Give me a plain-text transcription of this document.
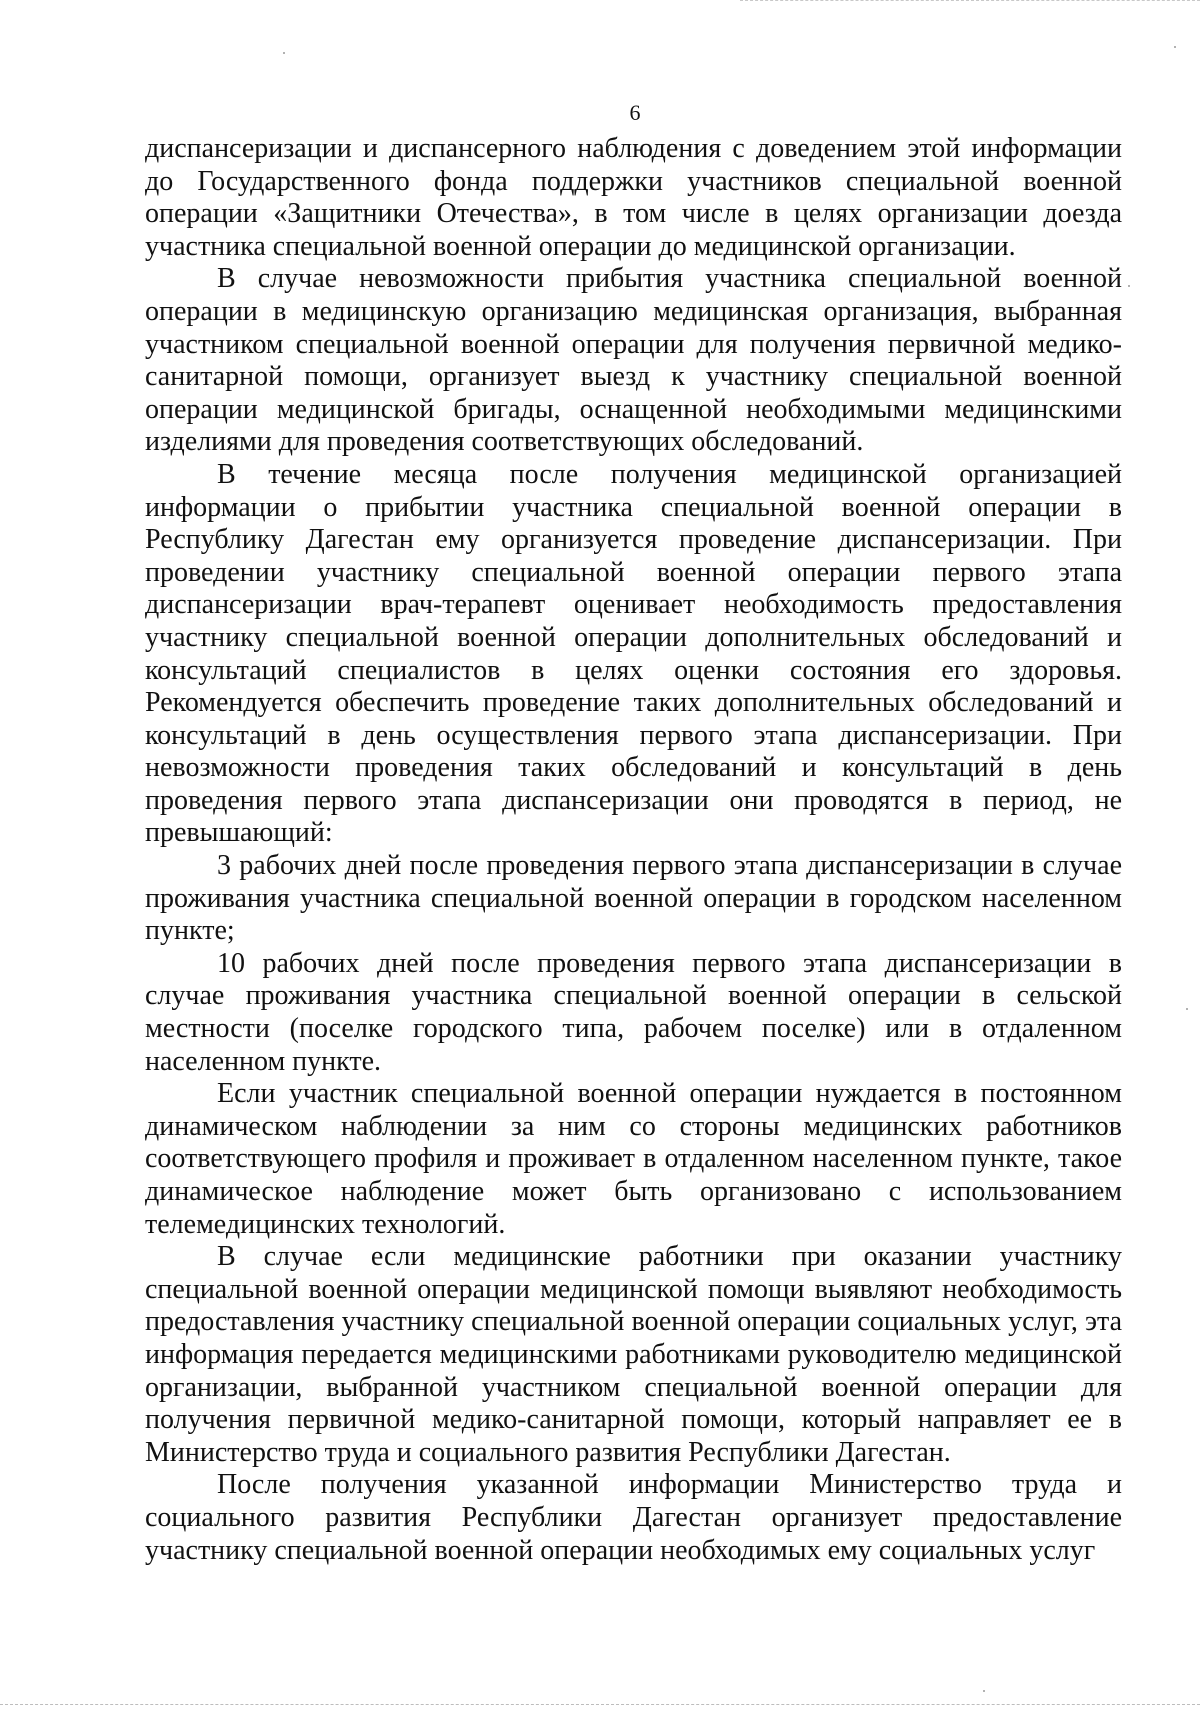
6

диспансеризации и диспансерного наблюдения с доведением этой информации до Государственного фонда поддержки участников специальной военной операции «Защитники Отечества», в том числе в целях организации доезда участника специальной военной операции до медицинской организации.

В случае невозможности прибытия участника специальной военной операции в медицинскую организацию медицинская организация, выбранная участником специальной военной операции для получения первичной медико-санитарной помощи, организует выезд к участнику специальной военной операции медицинской бригады, оснащенной необходимыми медицинскими изделиями для проведения соответствующих обследований.

В течение месяца после получения медицинской организацией информации о прибытии участника специальной военной операции в Республику Дагестан ему организуется проведение диспансеризации. При проведении участнику специальной военной операции первого этапа диспансеризации врач-терапевт оценивает необходимость предоставления участнику специальной военной операции дополнительных обследований и консультаций специалистов в целях оценки состояния его здоровья. Рекомендуется обеспечить проведение таких дополнительных обследований и консультаций в день осуществления первого этапа диспансеризации. При невозможности проведения таких обследований и консультаций в день проведения первого этапа диспансеризации они проводятся в период, не превышающий:

3 рабочих дней после проведения первого этапа диспансеризации в случае проживания участника специальной военной операции в городском населенном пункте;

10 рабочих дней после проведения первого этапа диспансеризации в случае проживания участника специальной военной операции в сельской местности (поселке городского типа, рабочем поселке) или в отдаленном населенном пункте.

Если участник специальной военной операции нуждается в постоянном динамическом наблюдении за ним со стороны медицинских работников соответствующего профиля и проживает в отдаленном населенном пункте, такое динамическое наблюдение может быть организовано с использованием телемедицинских технологий.

В случае если медицинские работники при оказании участнику специальной военной операции медицинской помощи выявляют необходимость предоставления участнику специальной военной операции социальных услуг, эта информация передается медицинскими работниками руководителю медицинской организации, выбранной участником специальной военной операции для получения первичной медико-санитарной помощи, который направляет ее в Министерство труда и социального развития Республики Дагестан.

После получения указанной информации Министерство труда и социального развития Республики Дагестан организует предоставление участнику специальной военной операции необходимых ему социальных услуг
